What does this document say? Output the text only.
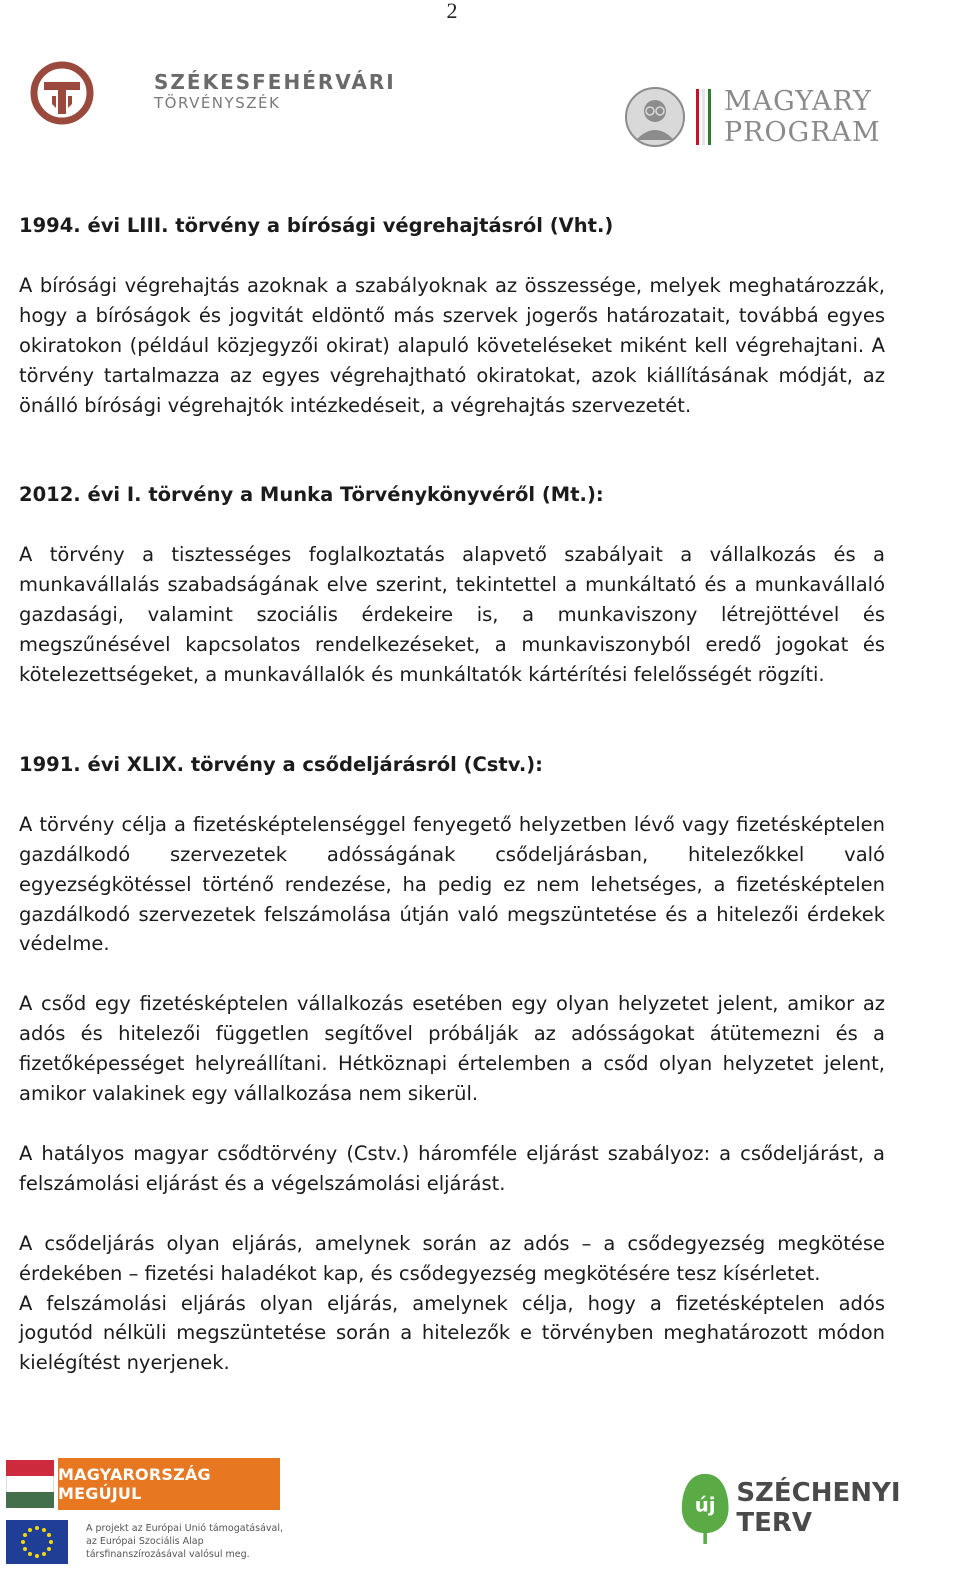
2
SZÉKESFEHÉRVÁRI
TÖRVÉNYSZÉK	MAGYARY
PROGRAM
1994. évi LIII. törvény a bírósági végrehajtásról (Vht.)

A bírósági végrehajtás azoknak a szabályoknak az összessége, melyek meghatározzák, hogy a bíróságok és jogvitát eldöntő más szervek jogerős határozatait, továbbá egyes okiratokon (például közjegyzői okirat) alapuló követeléseket miként kell végrehajtani. A törvény tartalmazza az egyes végrehajtható okiratokat, azok kiállításának módját, az önálló bírósági végrehajtók intézkedéseit, a végrehajtás szervezetét.

2012. évi I. törvény a Munka Törvénykönyvéről (Mt.):

A törvény a tisztességes foglalkoztatás alapvető szabályait a vállalkozás és a munkavállalás szabadságának elve szerint, tekintettel a munkáltató és a munkavállaló gazdasági, valamint szociális érdekeire is, a munkaviszony létrejöttével és megszűnésével kapcsolatos rendelkezéseket, a munkaviszonyból eredő jogokat és kötelezettségeket, a munkavállalók és munkáltatók kártérítési felelősségét rögzíti.

1991. évi XLIX. törvény a csődeljárásról (Cstv.):

A törvény célja a fizetésképtelenséggel fenyegető helyzetben lévő vagy fizetésképtelen gazdálkodó szervezetek adósságának csődeljárásban, hitelezőkkel való egyezségkötéssel történő rendezése, ha pedig ez nem lehetséges, a fizetésképtelen gazdálkodó szervezetek felszámolása útján való megszüntetése és a hitelezői érdekek védelme.

A csőd egy fizetésképtelen vállalkozás esetében egy olyan helyzetet jelent, amikor az adós és hitelezői független segítővel próbálják az adósságokat átütemezni és a fizetőképességet helyreállítani. Hétköznapi értelemben a csőd olyan helyzetet jelent, amikor valakinek egy vállalkozása nem sikerül.

A hatályos magyar csődtörvény (Cstv.) háromféle eljárást szabályoz: a csődeljárást, a felszámolási eljárást és a végelszámolási eljárást.

A csődeljárás olyan eljárás, amelynek során az adós – a csődegyezség megkötése érdekében – fizetési haladékot kap, és csődegyezség megkötésére tesz kísérletet.

A felszámolási eljárás olyan eljárás, amelynek célja, hogy a fizetésképtelen adós jogutód nélküli megszüntetése során a hitelezők e törvényben meghatározott módon kielégítést nyerjenek.

MAGYARORSZÁG MEGÚJUL
A projekt az Európai Unió támogatásával, az Európai Szociális Alap társfinanszírozásával valósul meg.
új SZÉCHENYI TERV
